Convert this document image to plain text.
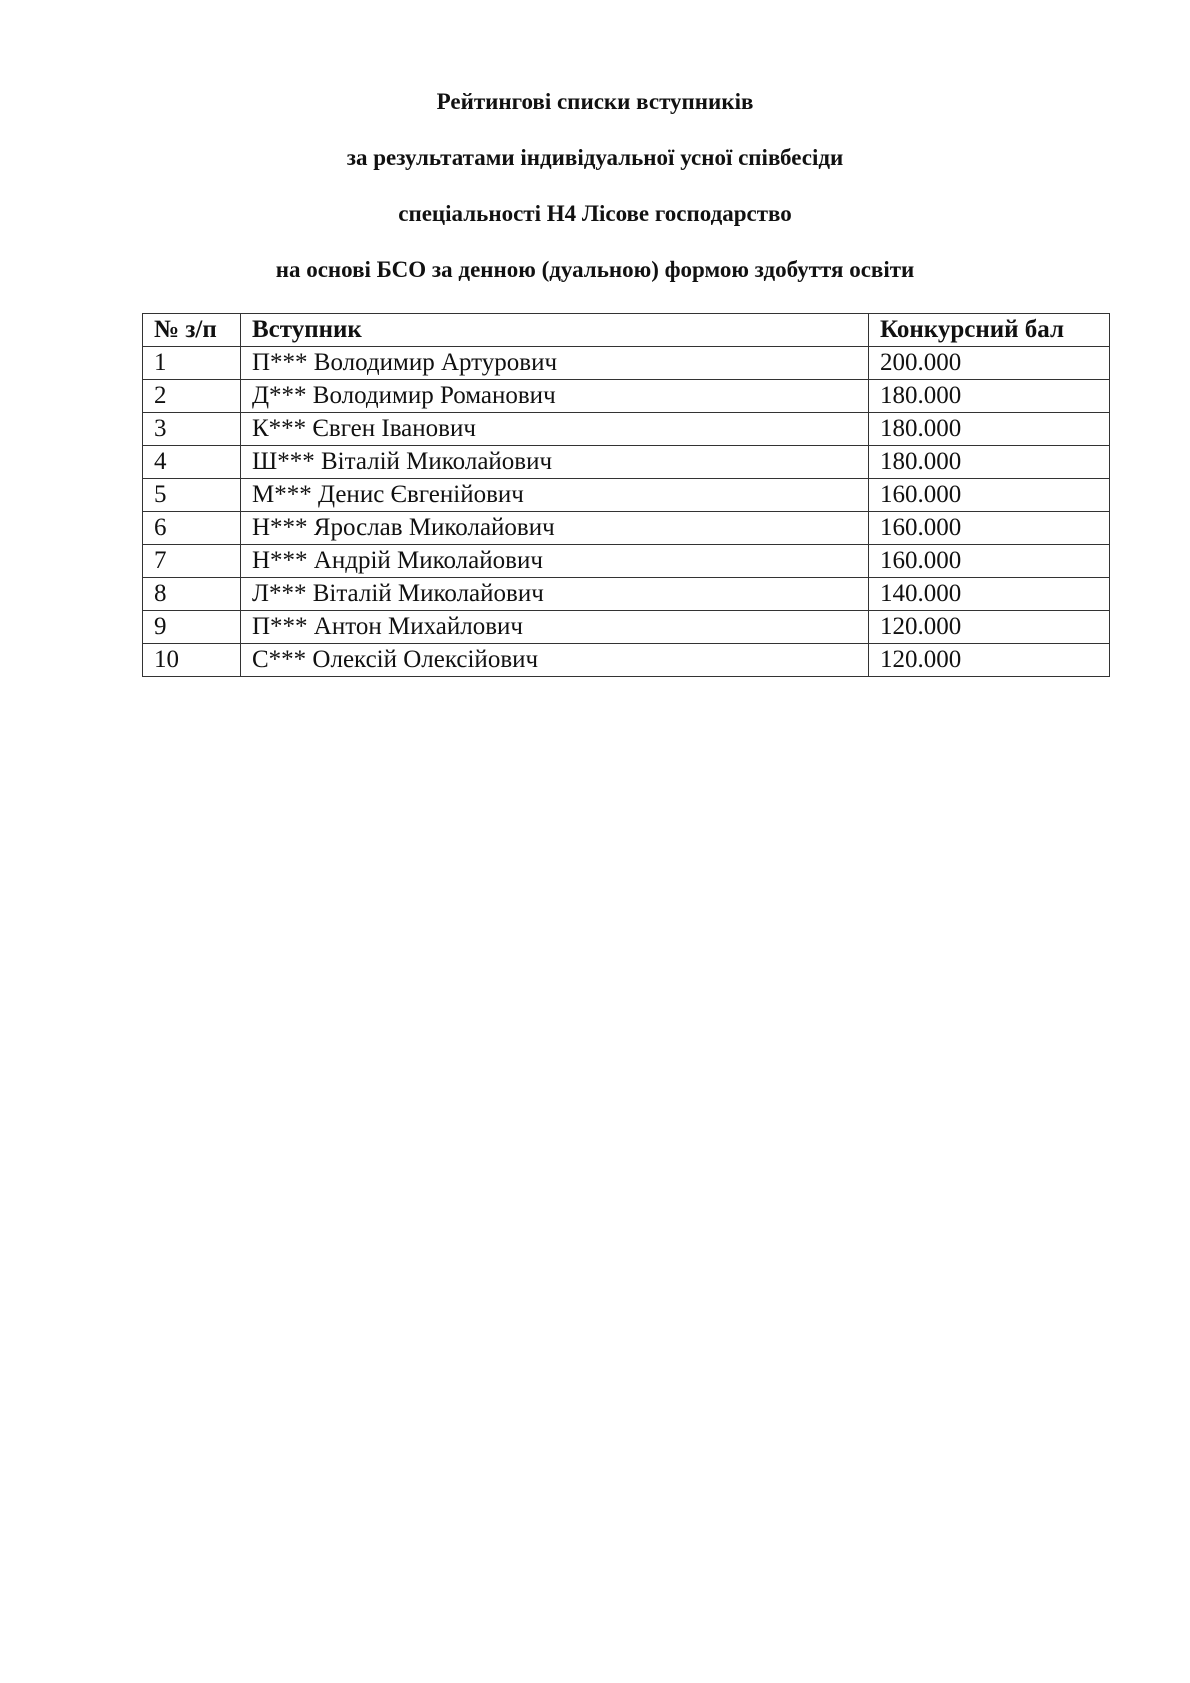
Рейтингові списки вступників
за результатами індивідуальної усної співбесіди
спеціальності Н4 Лісове господарство
на основі БСО за денною (дуальною) формою здобуття освіти
№ з/п	Вступник	Конкурсний бал
1	П*** Володимир Артурович	200.000
2	Д*** Володимир Романович	180.000
3	К*** Євген Іванович	180.000
4	Ш*** Віталій Миколайович	180.000
5	М*** Денис Євгенійович	160.000
6	Н*** Ярослав Миколайович	160.000
7	Н*** Андрій Миколайович	160.000
8	Л*** Віталій Миколайович	140.000
9	П*** Антон Михайлович	120.000
10	С*** Олексій Олексійович	120.000
